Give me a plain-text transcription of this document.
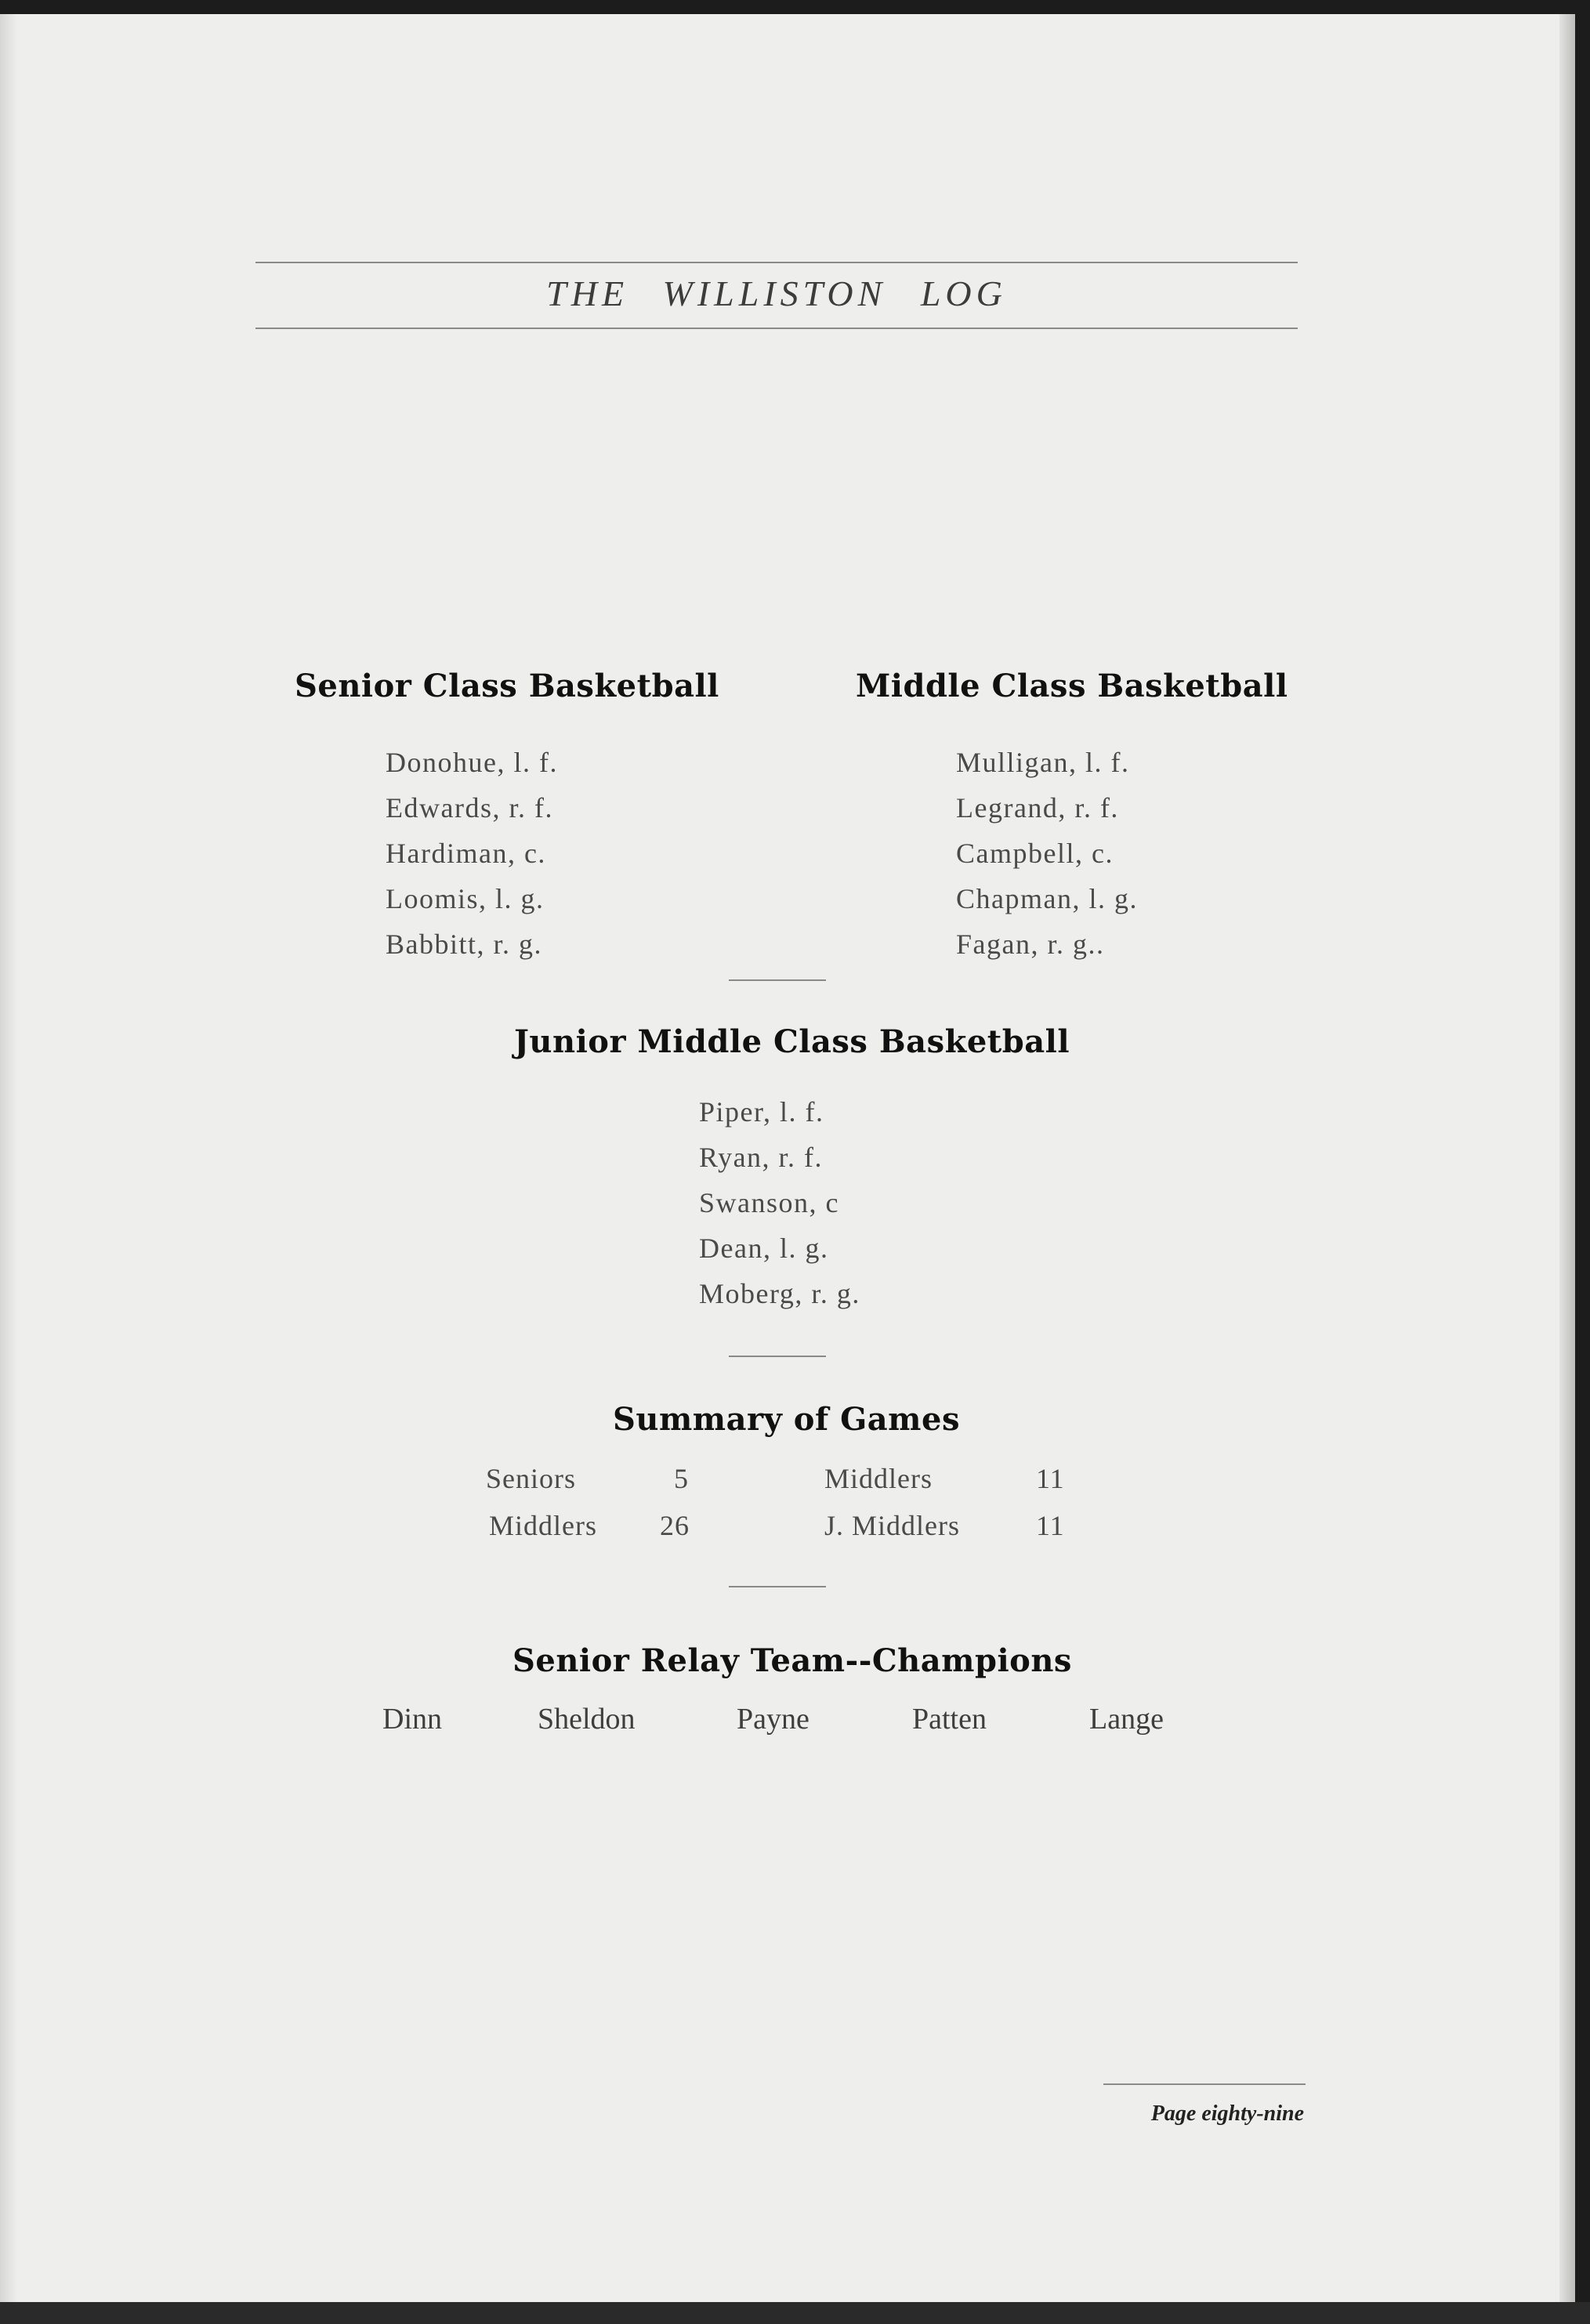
THE WILLISTON LOG
Senior Class Basketball
Donohue, l. f.
Edwards, r. f.
Hardiman, c.
Loomis, l. g.
Babbitt, r. g.
Middle Class Basketball
Mulligan, l. f.
Legrand, r. f.
Campbell, c.
Chapman, l. g.
Fagan, r. g..
Junior Middle Class Basketball
Piper, l. f.
Ryan, r. f.
Swanson, c
Dean, l. g.
Moberg, r. g.
Summary of Games
Seniors	5	Middlers	11
Middlers 26	J. Middlers	11
Senior Relay Team--Champions
Dinn	Sheldon	Payne	Patten	Lange
Page eighty-nine
